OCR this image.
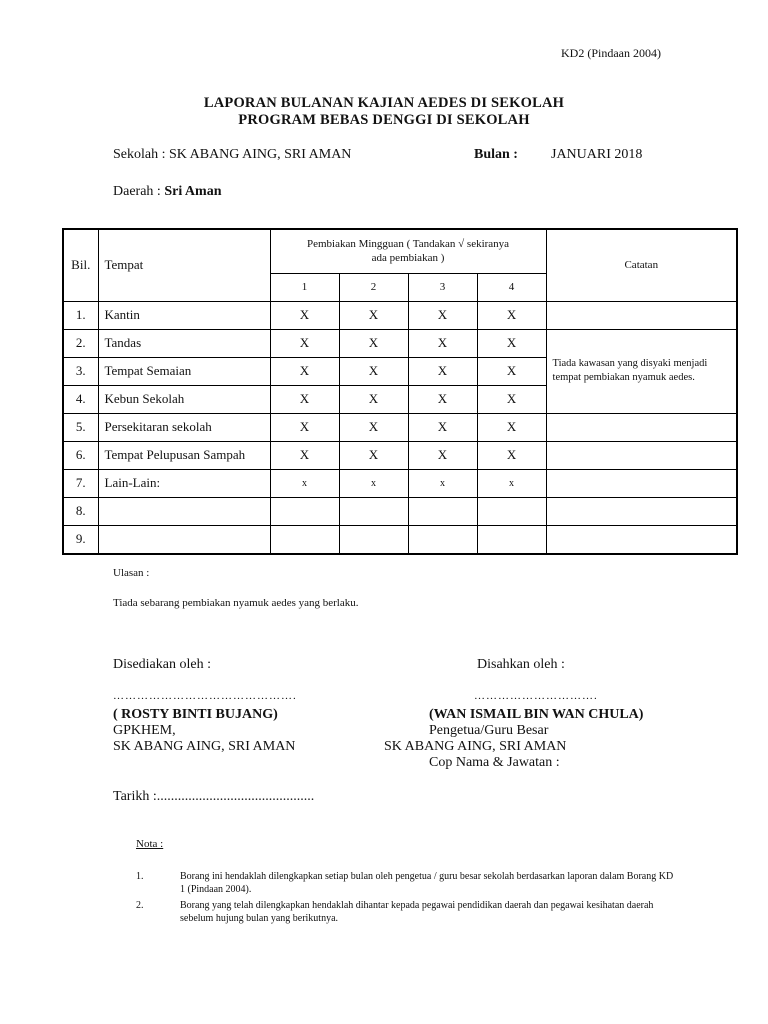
KD2 (Pindaan 2004)
LAPORAN BULANAN KAJIAN AEDES DI SEKOLAH
PROGRAM BEBAS DENGGI DI SEKOLAH
Sekolah : SK ABANG AING, SRI AMAN	Bulan : JANUARI 2018
Daerah : Sri Aman
Bil.	Tempat	Pembiakan Mingguan ( Tandakan √ sekiranya ada pembiakan )				Catatan
		1	2	3	4	
1.	Kantin	X	X	X	X	
2.	Tandas	X	X	X	X	Tiada kawasan yang disyaki menjadi tempat pembiakan nyamuk aedes.
3.	Tempat Semaian	X	X	X	X	
4.	Kebun Sekolah	X	X	X	X	
5.	Persekitaran sekolah	X	X	X	X	
6.	Tempat Pelupusan Sampah	X	X	X	X	
7.	Lain-Lain:	x	x	x	x	
8.						
9.						
Ulasan :
Tiada sebarang pembiakan nyamuk aedes yang berlaku.
Disediakan oleh :	Disahkan oleh :
……………………………………….	………………………….
( ROSTY BINTI BUJANG)	(WAN ISMAIL BIN WAN CHULA)
GPKHEM,	Pengetua/Guru Besar
SK ABANG AING, SRI AMAN	SK ABANG AING, SRI AMAN
Cop Nama & Jawatan :
Tarikh :.............................................
Nota :
1.	Borang ini hendaklah dilengkapkan setiap bulan oleh pengetua / guru besar sekolah berdasarkan laporan dalam Borang KD 1 (Pindaan 2004).
2.	Borang yang telah dilengkapkan hendaklah dihantar kepada pegawai pendidikan daerah dan pegawai kesihatan daerah sebelum hujung bulan yang berikutnya.
